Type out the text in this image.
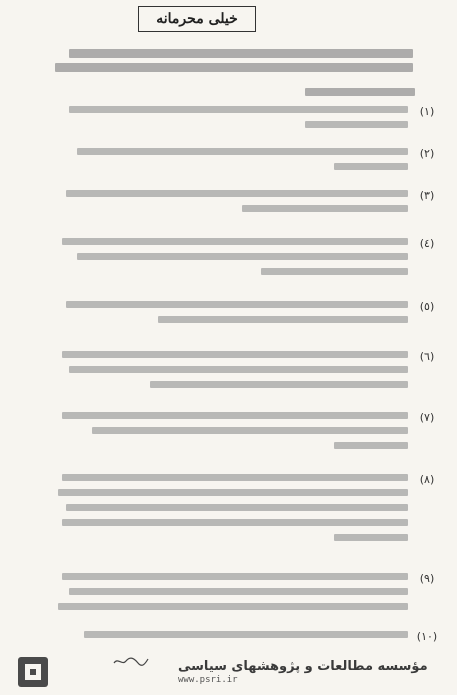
خیلی محرمانه
(١)
(٢)
(٣)
(٤)
(٥)
(٦)
(٧)
(٨)
(٩)
(١٠)
مؤسسه مطالعات و پژوهشهای سیاسی
www.psri.ir
